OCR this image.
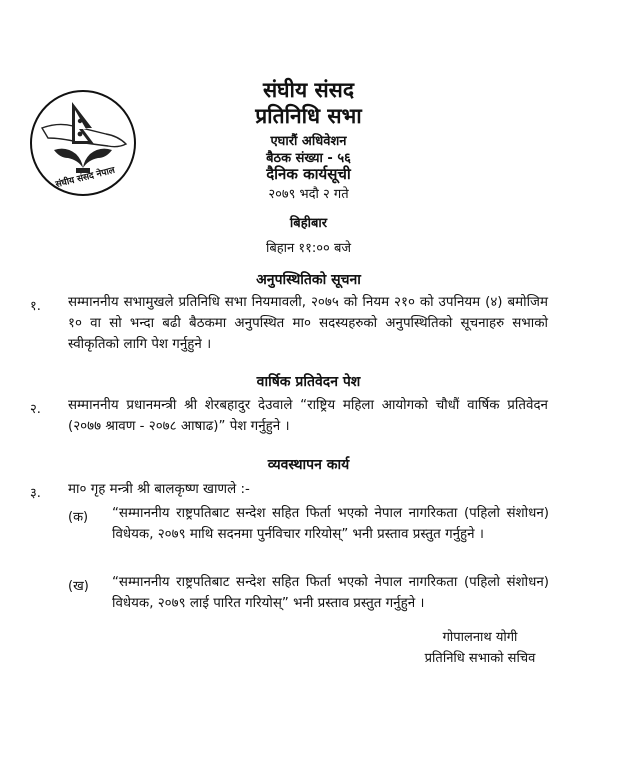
संघीय संसद नेपाल
संघीय संसद
प्रतिनिधि सभा
एघारौं अधिवेशन
बैठक संख्या - ५६
दैनिक कार्यसूची
२०७९ भदौ २ गते
बिहीबार
बिहान ११:०० बजे
अनुपस्थितिको सूचना
१. सम्माननीय सभामुखले प्रतिनिधि सभा नियमावली, २०७५ को नियम २१० को उपनियम (४) बमोजिम १० वा सो भन्दा बढी बैठकमा अनुपस्थित मा० सदस्यहरुको अनुपस्थितिको सूचनाहरु सभाको स्वीकृतिको लागि पेश गर्नुहुने ।
वार्षिक प्रतिवेदन पेश
२. सम्माननीय प्रधानमन्त्री श्री शेरबहादुर देउवाले “राष्ट्रिय महिला आयोगको चौधौं वार्षिक प्रतिवेदन (२०७७ श्रावण - २०७८ आषाढ)” पेश गर्नुहुने ।
व्यवस्थापन कार्य
३. मा० गृह मन्त्री श्री बालकृष्ण खाणले :-
(क) “सम्माननीय राष्ट्रपतिबाट सन्देश सहित फिर्ता भएको नेपाल नागरिकता (पहिलो संशोधन) विधेयक, २०७९ माथि सदनमा पुर्नविचार गरियोस्” भनी प्रस्ताव प्रस्तुत गर्नुहुने ।
(ख) “सम्माननीय राष्ट्रपतिबाट सन्देश सहित फिर्ता भएको नेपाल नागरिकता (पहिलो संशोधन) विधेयक, २०७९ लाई पारित गरियोस्” भनी प्रस्ताव प्रस्तुत गर्नुहुने ।
गोपालनाथ योगी
प्रतिनिधि सभाको सचिव
